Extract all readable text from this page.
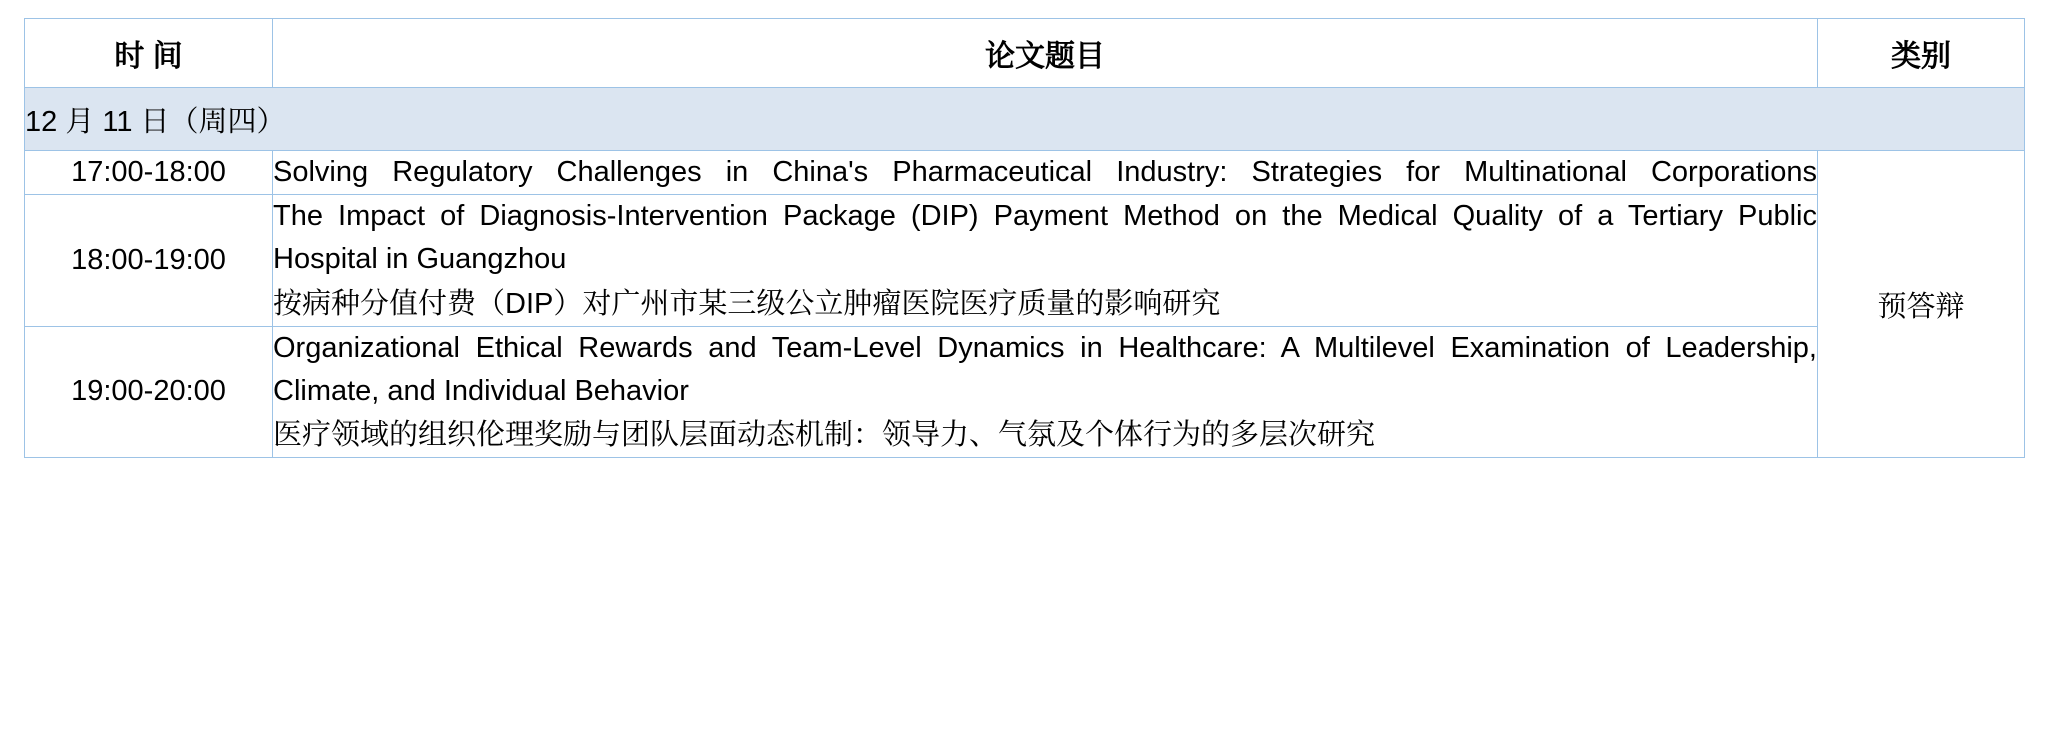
时 间	论文题目	类别
12 月 11 日（周四）		
17:00-18:00	Solving Regulatory Challenges in China's Pharmaceutical Industry: Strategies for Multinational Corporations	预答辩
18:00-19:00	The Impact of Diagnosis-Intervention Package (DIP) Payment Method on the Medical Quality of a Tertiary Public Hospital in Guangzhou
按病种分值付费（DIP）对广州市某三级公立肿瘤医院医疗质量的影响研究	

19:00-20:00	Organizational Ethical Rewards and Team-Level Dynamics in Healthcare: A Multilevel Examination of Leadership, Climate, and Individual Behavior
医疗领域的组织伦理奖励与团队层面动态机制：领导力、气氛及个体行为的多层次研究	
